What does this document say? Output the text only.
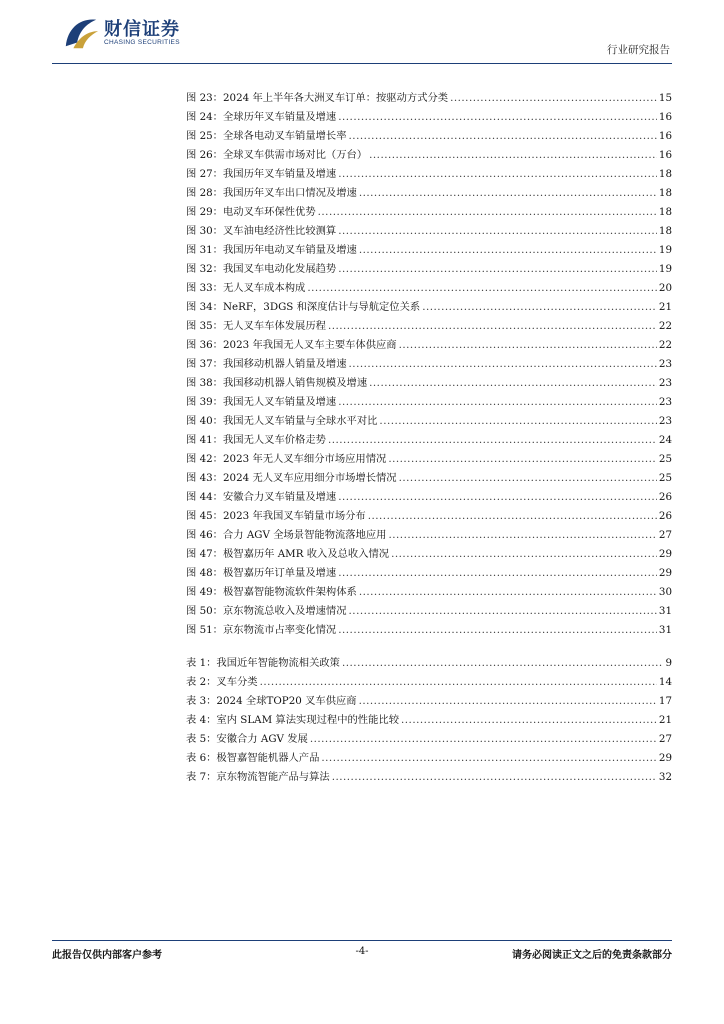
财信证券
CHASING SECURITIES
行业研究报告
图 23：2024 年上半年各大洲叉车订单：按驱动方式分类 .....	15
图 24：全球历年叉车销量及增速 .....	16
图 25：全球各电动叉车销量增长率 .....	16
图 26：全球叉车供需市场对比（万台） .....	16
图 27：我国历年叉车销量及增速 .....	18
图 28：我国历年叉车出口情况及增速 .....	18
图 29：电动叉车环保性优势 .....	18
图 30：叉车油电经济性比较测算 .....	18
图 31：我国历年电动叉车销量及增速 .....	19
图 32：我国叉车电动化发展趋势 .....	19
图 33：无人叉车成本构成 .....	20
图 34：NeRF，3DGS 和深度估计与导航定位关系 .....	21
图 35：无人叉车车体发展历程 .....	22
图 36：2023 年我国无人叉车主要车体供应商 .....	22
图 37：我国移动机器人销量及增速 .....	23
图 38：我国移动机器人销售规模及增速 .....	23
图 39：我国无人叉车销量及增速 .....	23
图 40：我国无人叉车销量与全球水平对比 .....	23
图 41：我国无人叉车价格走势 .....	24
图 42：2023 年无人叉车细分市场应用情况 .....	25
图 43：2024 无人叉车应用细分市场增长情况 .....	25
图 44：安徽合力叉车销量及增速 .....	26
图 45：2023 年我国叉车销量市场分布 .....	26
图 46：合力 AGV 全场景智能物流落地应用 .....	27
图 47：极智嘉历年 AMR 收入及总收入情况 .....	29
图 48：极智嘉历年订单量及增速 .....	29
图 49：极智嘉智能物流软件架构体系 .....	30
图 50：京东物流总收入及增速情况 .....	31
图 51：京东物流市占率变化情况 .....	31
表 1：我国近年智能物流相关政策 .....	9
表 2：叉车分类 .....	14
表 3：2024 全球TOP20 叉车供应商 .....	17
表 4：室内 SLAM 算法实现过程中的性能比较 .....	21
表 5：安徽合力 AGV 发展 .....	27
表 6：极智嘉智能机器人产品 .....	29
表 7：京东物流智能产品与算法 .....	32
此报告仅供内部客户参考	-4-	请务必阅读正文之后的免责条款部分
